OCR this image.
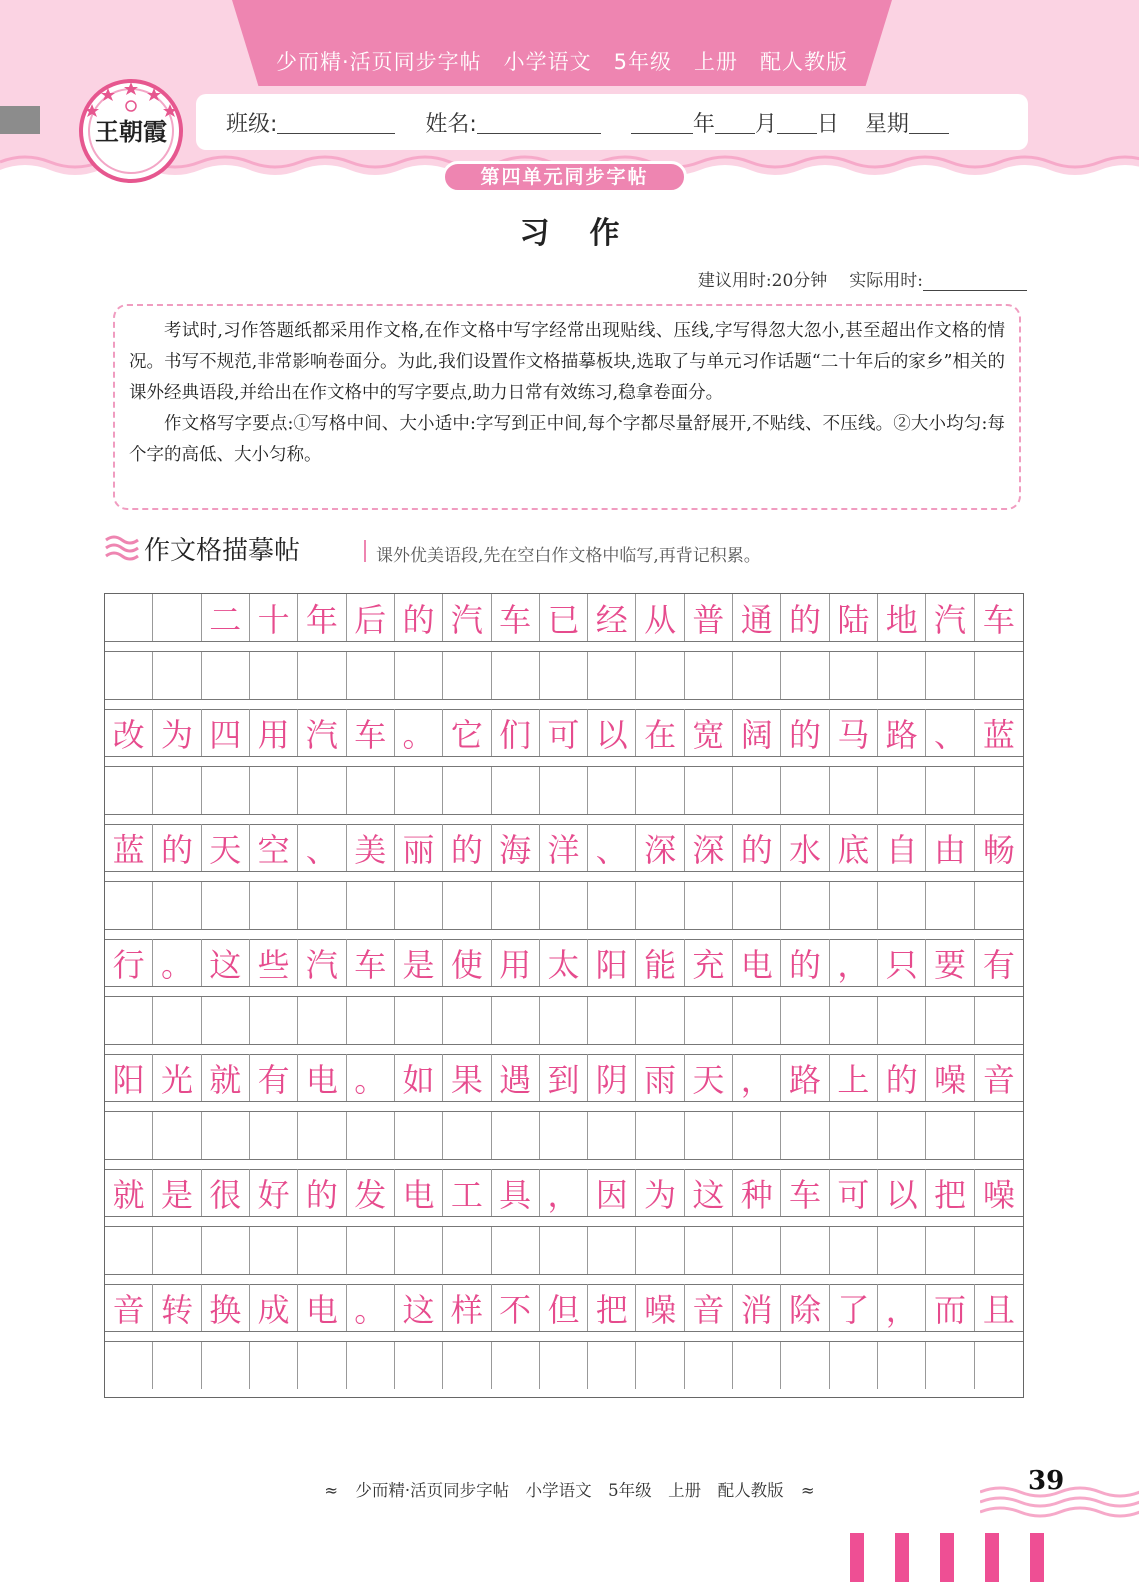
少而精·活页同步字帖　小学语文　5年级　上册　配人教版
王朝霞	班级:	姓名:	年 月 日 星期
第四单元同步字帖
习作
建议用时:20分钟 实际用时:

考试时,习作答题纸都采用作文格,在作文格中写字经常出现贴线、压线,字写得忽大忽小,甚至超出作文格的情况。书写不规范,非常影响卷面分。为此,我们设置作文格描摹板块,选取了与单元习作话题“二十年后的家乡”相关的课外经典语段,并给出在作文格中的写字要点,助力日常有效练习,稳拿卷面分。

作文格写字要点:①写格中间、大小适中:字写到正中间,每个字都尽量舒展开,不贴线、不压线。②大小均匀:每个字的高低、大小匀称。

作文格描摹帖	课外优美语段,先在空白作文格中临写,再背记积累。
二 十 年 后 的 汽 车 已 经 从 普 通 的 陆 地 汽 车
改 为 四 用 汽 车 。 它 们 可 以 在 宽 阔 的 马 路 、 蓝
蓝 的 天 空 、 美 丽 的 海 洋 、 深 深 的 水 底 自 由 畅
行 。 这 些 汽 车 是 使 用 太 阳 能 充 电 的 ， 只 要 有
阳 光 就 有 电 。 如 果 遇 到 阴 雨 天 ， 路 上 的 噪 音
就 是 很 好 的 发 电 工 具 ， 因 为 这 种 车 可 以 把 噪
音 转 换 成 电 。 这 样 不 但 把 噪 音 消 除 了 ， 而 且
≈ 少而精·活页同步字帖　小学语文　5年级　上册　配人教版 ≈	39
